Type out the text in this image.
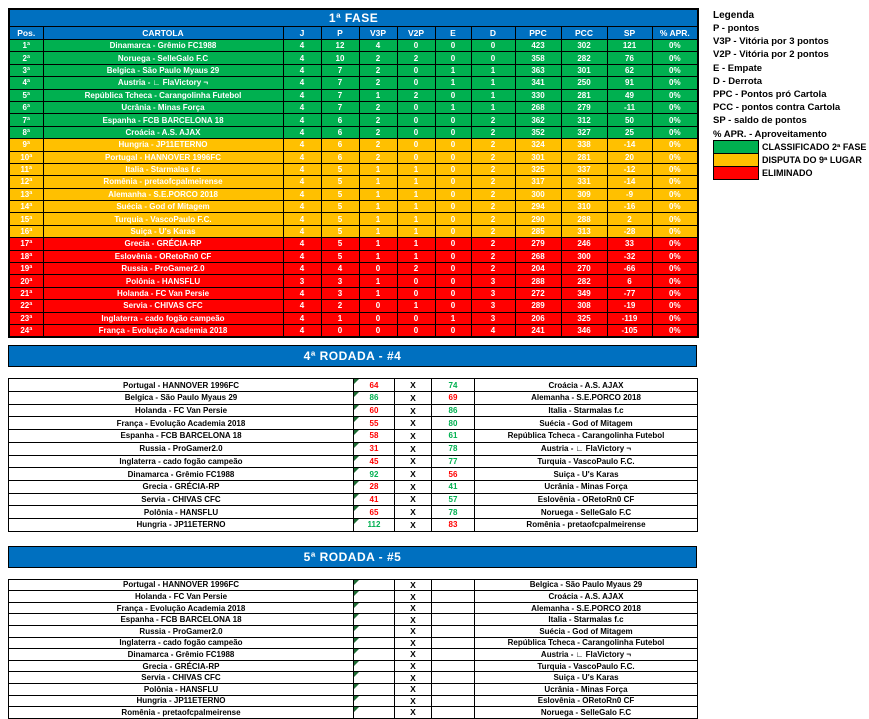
1ª FASE											
Pos.	CARTOLA	J	P	V3P	V2P	E	D	PPC	PCC	SP	% APR.
1ª	Dinamarca - Grêmio FC1988	4	12	4	0	0	0	423	302	121	0%
2ª	Noruega - SelleGalo F.C	4	10	2	2	0	0	358	282	76	0%
3ª	Belgica - São Paulo Myaus 29	4	7	2	0	1	1	363	301	62	0%
4ª	Austria - ∟ FlaVictory ¬	4	7	2	0	1	1	341	250	91	0%
5ª	República Tcheca - Carangolinha Futebol	4	7	1	2	0	1	330	281	49	0%
6ª	Ucrânia - Minas Força	4	7	2	0	1	1	268	279	-11	0%
7ª	Espanha - FCB BARCELONA 18	4	6	2	0	0	2	362	312	50	0%
8ª	Croácia - A.S. AJAX	4	6	2	0	0	2	352	327	25	0%
9ª	Hungria - JP11ETERNO	4	6	2	0	0	2	324	338	-14	0%
10ª	Portugal - HANNOVER 1996FC	4	6	2	0	0	2	301	281	20	0%
11ª	Italia - Starmalas f.c	4	5	1	1	0	2	325	337	-12	0%
12ª	Romênia - pretaofcpalmeirense	4	5	1	1	0	2	317	331	-14	0%
13ª	Alemanha - S.E.PORCO 2018	4	5	1	1	0	2	300	309	-9	0%
14ª	Suécia - God of Mitagem	4	5	1	1	0	2	294	310	-16	0%
15ª	Turquia - VascoPaulo F.C.	4	5	1	1	0	2	290	288	2	0%
16ª	Suiça - U's Karas	4	5	1	1	0	2	285	313	-28	0%
17ª	Grecia - GRÉCIA-RP	4	5	1	1	0	2	279	246	33	0%
18ª	Eslovênia - ORetoRn0 CF	4	5	1	1	0	2	268	300	-32	0%
19ª	Russia - ProGamer2.0	4	4	0	2	0	2	204	270	-66	0%
20ª	Polônia - HANSFLU	3	3	1	0	0	3	288	282	6	0%
21ª	Holanda - FC Van Persie	4	3	1	0	0	3	272	349	-77	0%
22ª	Servia - CHIVAS CFC	4	2	0	1	0	3	289	308	-19	0%
23ª	Inglaterra - cado fogão campeão	4	1	0	0	1	3	206	325	-119	0%
24ª	França - Evolução Academia 2018	4	0	0	0	0	4	241	346	-105	0%
4ª RODADA - #4
Portugal - HANNOVER 1996FC	64	X	74	Croácia - A.S. AJAX
Belgica - São Paulo Myaus 29	86	X	69	Alemanha - S.E.PORCO 2018
Holanda - FC Van Persie	60	X	86	Italia - Starmalas f.c
França - Evolução Academia 2018	55	X	80	Suécia - God of Mitagem
Espanha - FCB BARCELONA 18	58	X	61	República Tcheca - Carangolinha Futebol
Russia - ProGamer2.0	31	X	78	Austria - ∟ FlaVictory ¬
Inglaterra - cado fogão campeão	45	X	77	Turquia - VascoPaulo F.C.
Dinamarca - Grêmio FC1988	92	X	56	Suiça - U's Karas
Grecia - GRÉCIA-RP	28	X	41	Ucrânia - Minas Força
Servia - CHIVAS CFC	41	X	57	Eslovênia - ORetoRn0 CF
Polônia - HANSFLU	65	X	78	Noruega - SelleGalo F.C
Hungria - JP11ETERNO	112	X	83	Romênia - pretaofcpalmeirense
5ª RODADA - #5
Portugal - HANNOVER 1996FC		X		Belgica - São Paulo Myaus 29
Holanda - FC Van Persie		X		Croácia - A.S. AJAX
França - Evolução Academia 2018		X		Alemanha - S.E.PORCO 2018
Espanha - FCB BARCELONA 18		X		Italia - Starmalas f.c
Russia - ProGamer2.0		X		Suécia - God of Mitagem
Inglaterra - cado fogão campeão		X		República Tcheca - Carangolinha Futebol
Dinamarca - Grêmio FC1988		X		Austria - ∟ FlaVictory ¬
Grecia - GRÉCIA-RP		X		Turquia - VascoPaulo F.C.
Servia - CHIVAS CFC		X		Suiça - U's Karas
Polônia - HANSFLU		X		Ucrânia - Minas Força
Hungria - JP11ETERNO		X		Eslovênia - ORetoRn0 CF
Romênia - pretaofcpalmeirense		X		Noruega - SelleGalo F.C
Legenda
P - pontos
V3P - Vitória por 3 pontos
V2P - Vitória por 2 pontos
E - Empate
D - Derrota
PPC - Pontos pró Cartola
PCC - pontos contra Cartola
SP - saldo de pontos
% APR. - Aproveitamento
CLASSIFICADO 2ª FASE
DISPUTA DO 9ª LUGAR
ELIMINADO
